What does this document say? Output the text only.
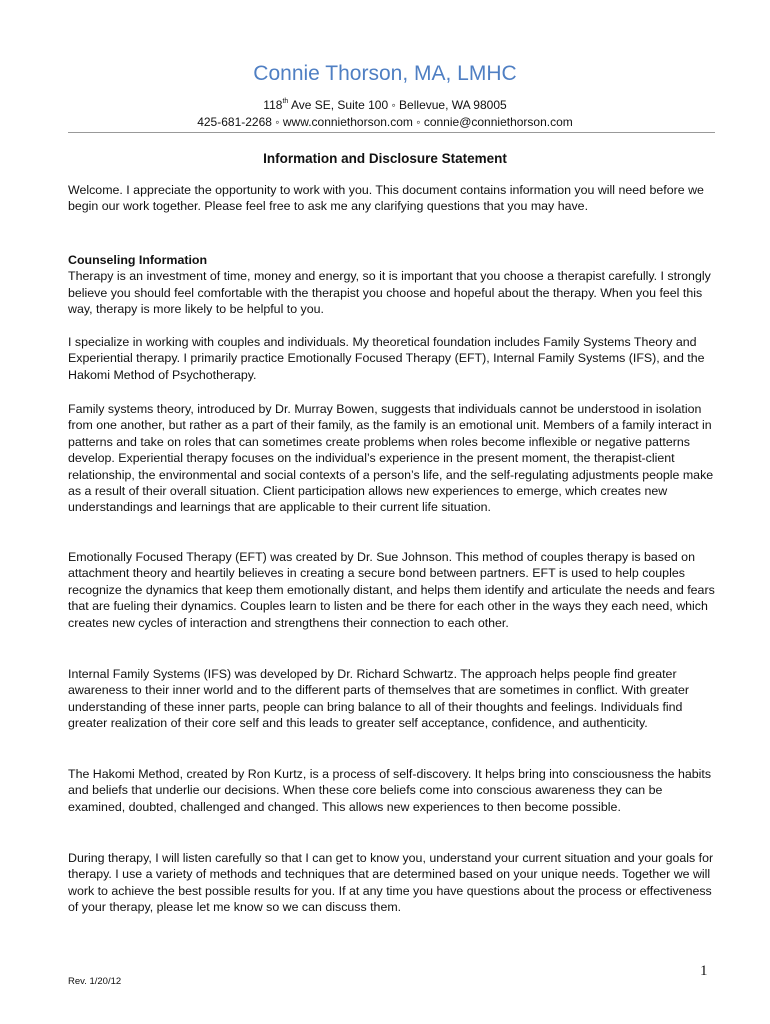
Connie Thorson, MA, LMHC
118th Ave SE, Suite 100 ◦ Bellevue, WA 98005
425-681-2268 ◦ www.conniethorson.com ◦ connie@conniethorson.com
Information and Disclosure Statement

Welcome. I appreciate the opportunity to work with you. This document contains information you will need before we begin our work together. Please feel free to ask me any clarifying questions that you may have.

Counseling Information
Therapy is an investment of time, money and energy, so it is important that you choose a therapist carefully. I strongly believe you should feel comfortable with the therapist you choose and hopeful about the therapy. When you feel this way, therapy is more likely to be helpful to you.

I specialize in working with couples and individuals. My theoretical foundation includes Family Systems Theory and Experiential therapy. I primarily practice Emotionally Focused Therapy (EFT), Internal Family Systems (IFS), and the Hakomi Method of Psychotherapy.

Family systems theory, introduced by Dr. Murray Bowen, suggests that individuals cannot be understood in isolation from one another, but rather as a part of their family, as the family is an emotional unit. Members of a family interact in patterns and take on roles that can sometimes create problems when roles become inflexible or negative patterns develop. Experiential therapy focuses on the individual’s experience in the present moment, the therapist-client relationship, the environmental and social contexts of a person’s life, and the self-regulating adjustments people make as a result of their overall situation. Client participation allows new experiences to emerge, which creates new understandings and learnings that are applicable to their current life situation.

Emotionally Focused Therapy (EFT) was created by Dr. Sue Johnson. This method of couples therapy is based on attachment theory and heartily believes in creating a secure bond between partners. EFT is used to help couples recognize the dynamics that keep them emotionally distant, and helps them identify and articulate the needs and fears that are fueling their dynamics. Couples learn to listen and be there for each other in the ways they each need, which creates new cycles of interaction and strengthens their connection to each other.

Internal Family Systems (IFS) was developed by Dr. Richard Schwartz. The approach helps people find greater awareness to their inner world and to the different parts of themselves that are sometimes in conflict. With greater understanding of these inner parts, people can bring balance to all of their thoughts and feelings. Individuals find greater realization of their core self and this leads to greater self acceptance, confidence, and authenticity.

The Hakomi Method, created by Ron Kurtz, is a process of self-discovery. It helps bring into consciousness the habits and beliefs that underlie our decisions. When these core beliefs come into conscious awareness they can be examined, doubted, challenged and changed. This allows new experiences to then become possible.

During therapy, I will listen carefully so that I can get to know you, understand your current situation and your goals for therapy. I use a variety of methods and techniques that are determined based on your unique needs. Together we will work to achieve the best possible results for you. If at any time you have questions about the process or effectiveness of your therapy, please let me know so we can discuss them.

Rev. 1/20/12
1
